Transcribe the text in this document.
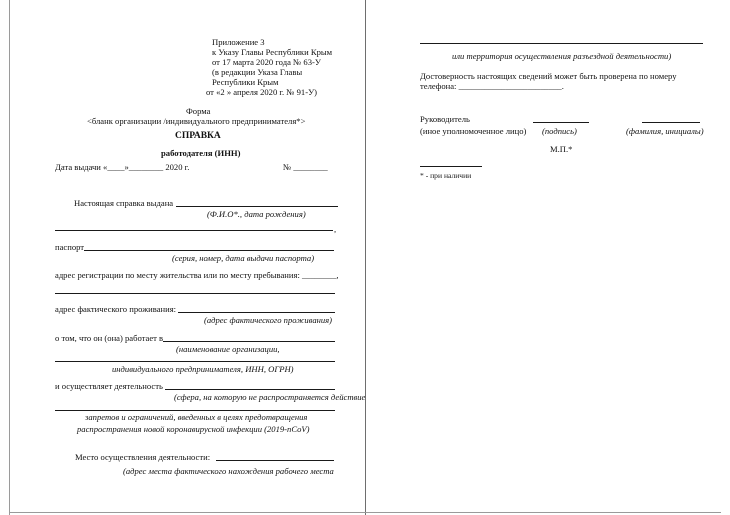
Приложение 3
к Указу Главы Республики Крым
от 17 марта 2020 года № 63-У
(в редакции Указа Главы
Республики Крым
от «2 » апреля 2020 г. № 91-У)
Форма
<бланк организации /индивидуального предпринимателя*>
СПРАВКА
работодателя (ИНН)
Дата выдачи «____»________ 2020 г.	№ ________
Настоящая справка выдана
(Ф.И.О*., дата рождения)
,
паспорт
(серия, номер, дата выдачи паспорта)
адрес регистрации по месту жительства или по месту пребывания: ________,
адрес фактического проживания:
(адрес фактического проживания)
о том, что он (она) работает в
(наименование организации,
индивидуального предпринимателя, ИНН, ОГРН)
и осуществляет деятельность
(сфера, на которую не распространяется действие
запретов и ограничений, введенных в целях предотвращения
распространения новой коронавирусной инфекции (2019-nCoV)
Место осуществления деятельности:
(адрес места фактического нахождения рабочего места
или территория осуществления разъездной деятельности)
Достоверность настоящих сведений может быть проверена по номеру
телефона: ________________________.
Руководитель
(иное уполномоченное лицо) (подпись)	(фамилия, инициалы)
М.П.*
* - при наличии
